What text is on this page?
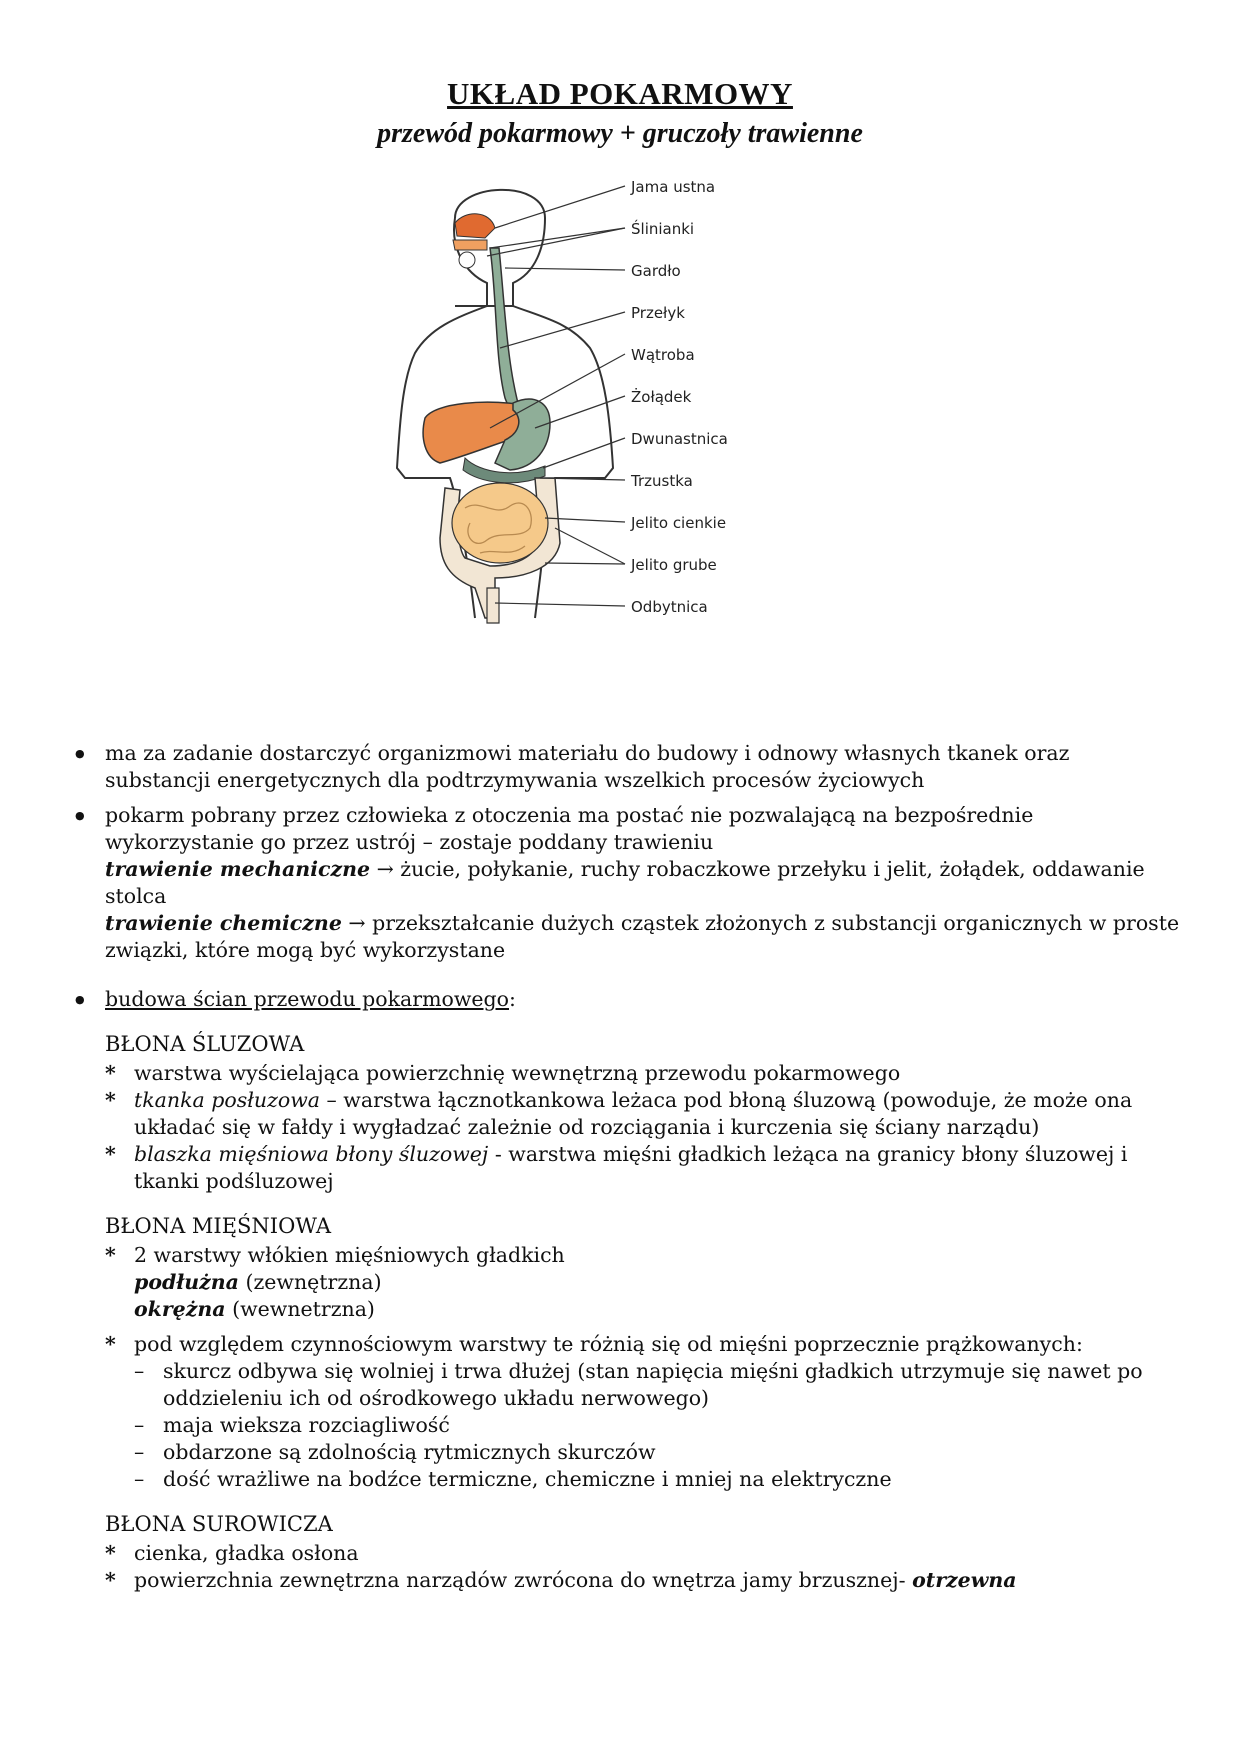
UKŁAD POKARMOWY
przewód pokarmowy + gruczoły trawienne
Jama ustna
Ślinianki
Gardło
Przełyk
Wątroba
Żołądek
Dwunastnica
Trzustka
Jelito cienkie
Jelito grube
Odbytnica
● ma za zadanie dostarczyć organizmowi materiału do budowy i odnowy własnych tkanek oraz substancji energetycznych dla podtrzymywania wszelkich procesów życiowych
● pokarm pobrany przez człowieka z otoczenia ma postać nie pozwalającą na bezpośrednie wykorzystanie go przez ustrój – zostaje poddany trawieniu
trawienie mechaniczne → żucie, połykanie, ruchy robaczkowe przełyku i jelit, żołądek, oddawanie stolca
trawienie chemiczne → przekształcanie dużych cząstek złożonych z substancji organicznych w proste związki, które mogą być wykorzystane
● budowa ścian przewodu pokarmowego:
BŁONA ŚLUZOWA
* warstwa wyścielająca powierzchnię wewnętrzną przewodu pokarmowego
* tkanka posłuzowa – warstwa łącznotkankowa leżaca pod błoną śluzową (powoduje, że może ona układać się w fałdy i wygładzać zależnie od rozciągania i kurczenia się ściany narządu)
* blaszka mięśniowa błony śluzowej - warstwa mięśni gładkich leżąca na granicy błony śluzowej i tkanki podśluzowej
BŁONA MIĘŚNIOWA
* 2 warstwy włókien mięśniowych gładkich
podłużna (zewnętrzna)
okrężna (wewnetrzna)
* pod względem czynnościowym warstwy te różnią się od mięśni poprzecznie prążkowanych:
– skurcz odbywa się wolniej i trwa dłużej (stan napięcia mięśni gładkich utrzymuje się nawet po oddzieleniu ich od ośrodkowego układu nerwowego)
– maja wieksza rozciagliwość
– obdarzone są zdolnością rytmicznych skurczów
– dość wrażliwe na bodźce termiczne, chemiczne i mniej na elektryczne
BŁONA SUROWICZA
* cienka, gładka osłona
* powierzchnia zewnętrzna narządów zwrócona do wnętrza jamy brzusznej- otrzewna
